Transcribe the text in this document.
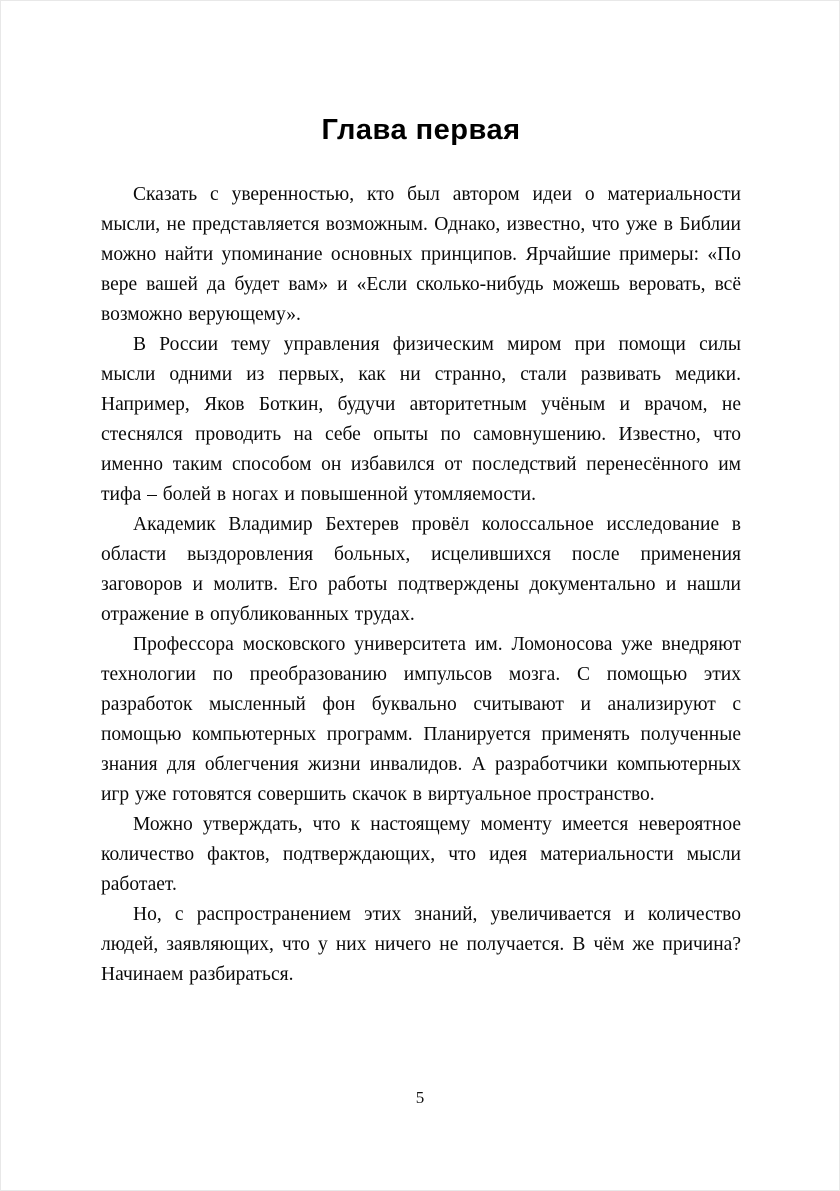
Глава первая

Сказать с уверенностью, кто был автором идеи о материальности мысли, не представляется возможным. Однако, известно, что уже в Библии можно найти упоминание основных принципов. Ярчайшие примеры: «По вере вашей да будет вам» и «Если сколько-нибудь можешь веровать, всё возможно верующему».

В России тему управления физическим миром при помощи силы мысли одними из первых, как ни странно, стали развивать медики. Например, Яков Боткин, будучи авторитетным учёным и врачом, не стеснялся проводить на себе опыты по самовнушению. Известно, что именно таким способом он избавился от последствий перенесённого им тифа – болей в ногах и повышенной утомляемости.

Академик Владимир Бехтерев провёл колоссальное исследование в области выздоровления больных, исцелившихся после применения заговоров и молитв. Его работы подтверждены документально и нашли отражение в опубликованных трудах.

Профессора московского университета им. Ломоносова уже внедряют технологии по преобразованию импульсов мозга. С помощью этих разработок мысленный фон буквально считывают и анализируют с помощью компьютерных программ. Планируется применять полученные знания для облегчения жизни инвалидов. А разработчики компьютерных игр уже готовятся совершить скачок в виртуальное пространство.

Можно утверждать, что к настоящему моменту имеется невероятное количество фактов, подтверждающих, что идея материальности мысли работает.

Но, с распространением этих знаний, увеличивается и количество людей, заявляющих, что у них ничего не получается. В чём же причина? Начинаем разбираться.

5
